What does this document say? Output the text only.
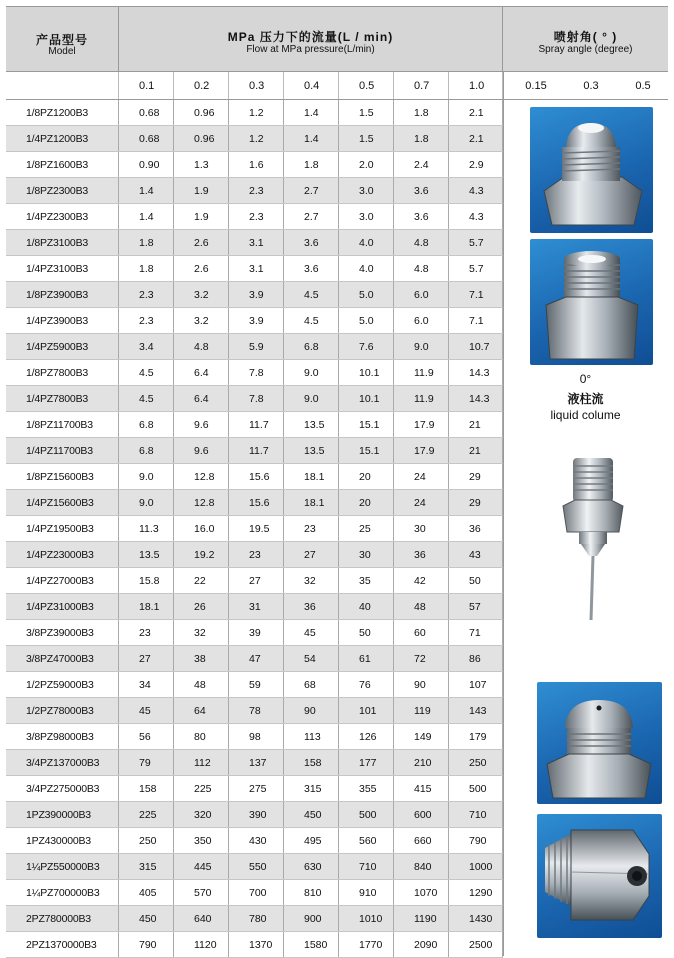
产品型号
Model
MPa 压力下的流量(L / min)
Flow at MPa pressure(L/min)
喷射角( ° )
Spray angle (degree)
0.1	0.2	0.3	0.4	0.5	0.7	1.0	0.15	0.3	0.5
1/8PZ1200B3	0.68	0.96	1.2	1.4	1.5	1.8	2.1
1/4PZ1200B3	0.68	0.96	1.2	1.4	1.5	1.8	2.1
1/8PZ1600B3	0.90	1.3	1.6	1.8	2.0	2.4	2.9
1/8PZ2300B3	1.4	1.9	2.3	2.7	3.0	3.6	4.3
1/4PZ2300B3	1.4	1.9	2.3	2.7	3.0	3.6	4.3
1/8PZ3100B3	1.8	2.6	3.1	3.6	4.0	4.8	5.7
1/4PZ3100B3	1.8	2.6	3.1	3.6	4.0	4.8	5.7
1/8PZ3900B3	2.3	3.2	3.9	4.5	5.0	6.0	7.1
1/4PZ3900B3	2.3	3.2	3.9	4.5	5.0	6.0	7.1
1/4PZ5900B3	3.4	4.8	5.9	6.8	7.6	9.0	10.7
1/8PZ7800B3	4.5	6.4	7.8	9.0	10.1	11.9	14.3
1/4PZ7800B3	4.5	6.4	7.8	9.0	10.1	11.9	14.3
1/8PZ11700B3	6.8	9.6	11.7	13.5	15.1	17.9	21
1/4PZ11700B3	6.8	9.6	11.7	13.5	15.1	17.9	21
1/8PZ15600B3	9.0	12.8	15.6	18.1	20	24	29
1/4PZ15600B3	9.0	12.8	15.6	18.1	20	24	29
1/4PZ19500B3	11.3	16.0	19.5	23	25	30	36
1/4PZ23000B3	13.5	19.2	23	27	30	36	43
1/4PZ27000B3	15.8	22	27	32	35	42	50
1/4PZ31000B3	18.1	26	31	36	40	48	57
3/8PZ39000B3	23	32	39	45	50	60	71
3/8PZ47000B3	27	38	47	54	61	72	86
1/2PZ59000B3	34	48	59	68	76	90	107
1/2PZ78000B3	45	64	78	90	101	119	143
3/8PZ98000B3	56	80	98	113	126	149	179
3/4PZ137000B3	79	112	137	158	177	210	250
3/4PZ275000B3	158	225	275	315	355	415	500
1PZ390000B3	225	320	390	450	500	600	710
1PZ430000B3	250	350	430	495	560	660	790
1¼PZ550000B3	315	445	550	630	710	840	1000
1¼PZ700000B3	405	570	700	810	910	1070	1290
2PZ780000B3	450	640	780	900	1010	1190	1430
2PZ1370000B3	790	1120	1370	1580	1770	2090	2500
0°
液柱流
liquid colume
